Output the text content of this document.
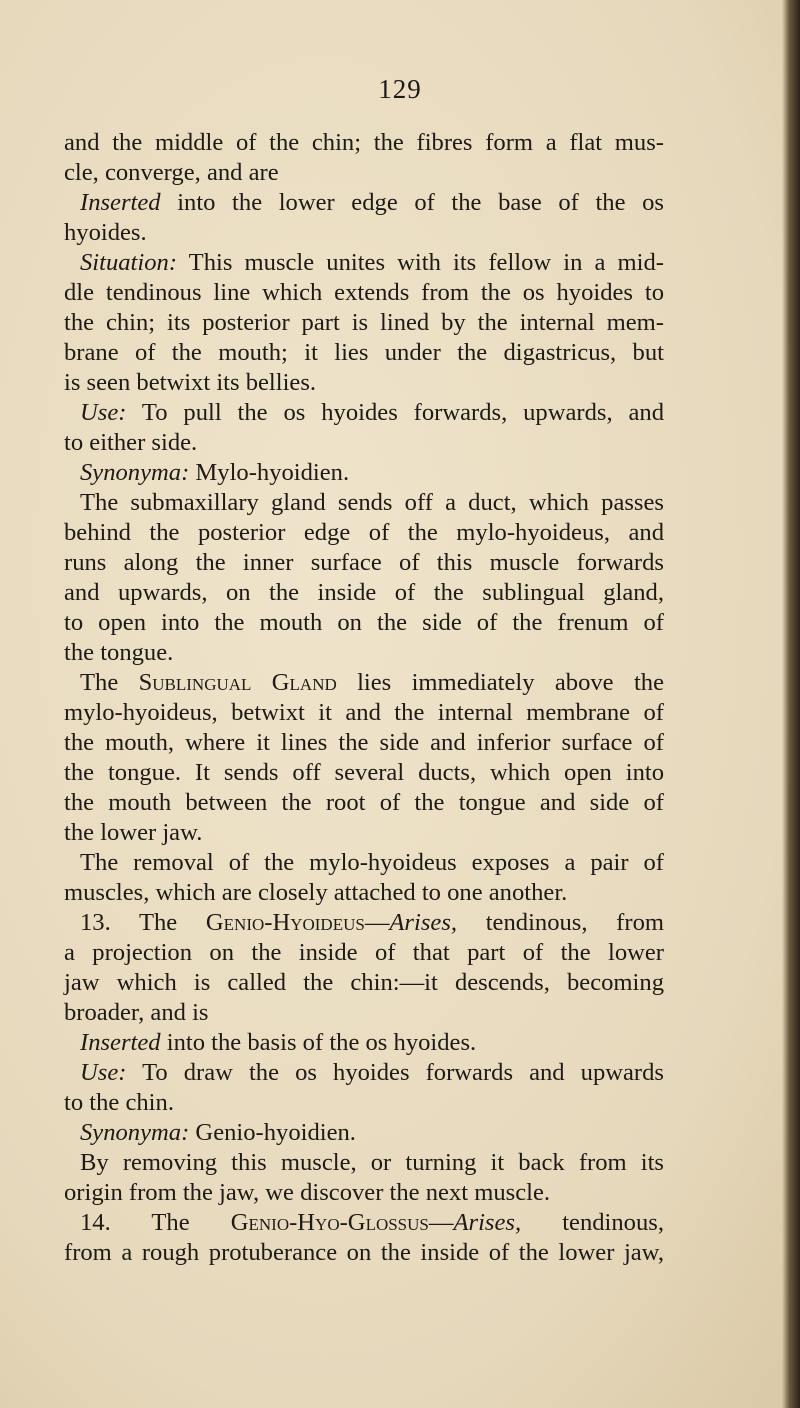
129
and the middle of the chin; the fibres form a flat mus-
cle, converge, and are
Inserted into the lower edge of the base of the os
hyoides.
Situation: This muscle unites with its fellow in a mid-
dle tendinous line which extends from the os hyoides to
the chin; its posterior part is lined by the internal mem-
brane of the mouth; it lies under the digastricus, but
is seen betwixt its bellies.
Use: To pull the os hyoides forwards, upwards, and
to either side.
Synonyma: Mylo-hyoidien.
The submaxillary gland sends off a duct, which passes
behind the posterior edge of the mylo-hyoideus, and
runs along the inner surface of this muscle forwards
and upwards, on the inside of the sublingual gland,
to open into the mouth on the side of the frenum of
the tongue.
The Sublingual Gland lies immediately above the
mylo-hyoideus, betwixt it and the internal membrane of
the mouth, where it lines the side and inferior surface of
the tongue. It sends off several ducts, which open into
the mouth between the root of the tongue and side of
the lower jaw.
The removal of the mylo-hyoideus exposes a pair of
muscles, which are closely attached to one another.
13. The Genio-Hyoideus—Arises, tendinous, from
a projection on the inside of that part of the lower
jaw which is called the chin:—it descends, becoming
broader, and is
Inserted into the basis of the os hyoides.
Use: To draw the os hyoides forwards and upwards
to the chin.
Synonyma: Genio-hyoidien.
By removing this muscle, or turning it back from its
origin from the jaw, we discover the next muscle.
14. The Genio-Hyo-Glossus—Arises, tendinous,
from a rough protuberance on the inside of the lower jaw,
